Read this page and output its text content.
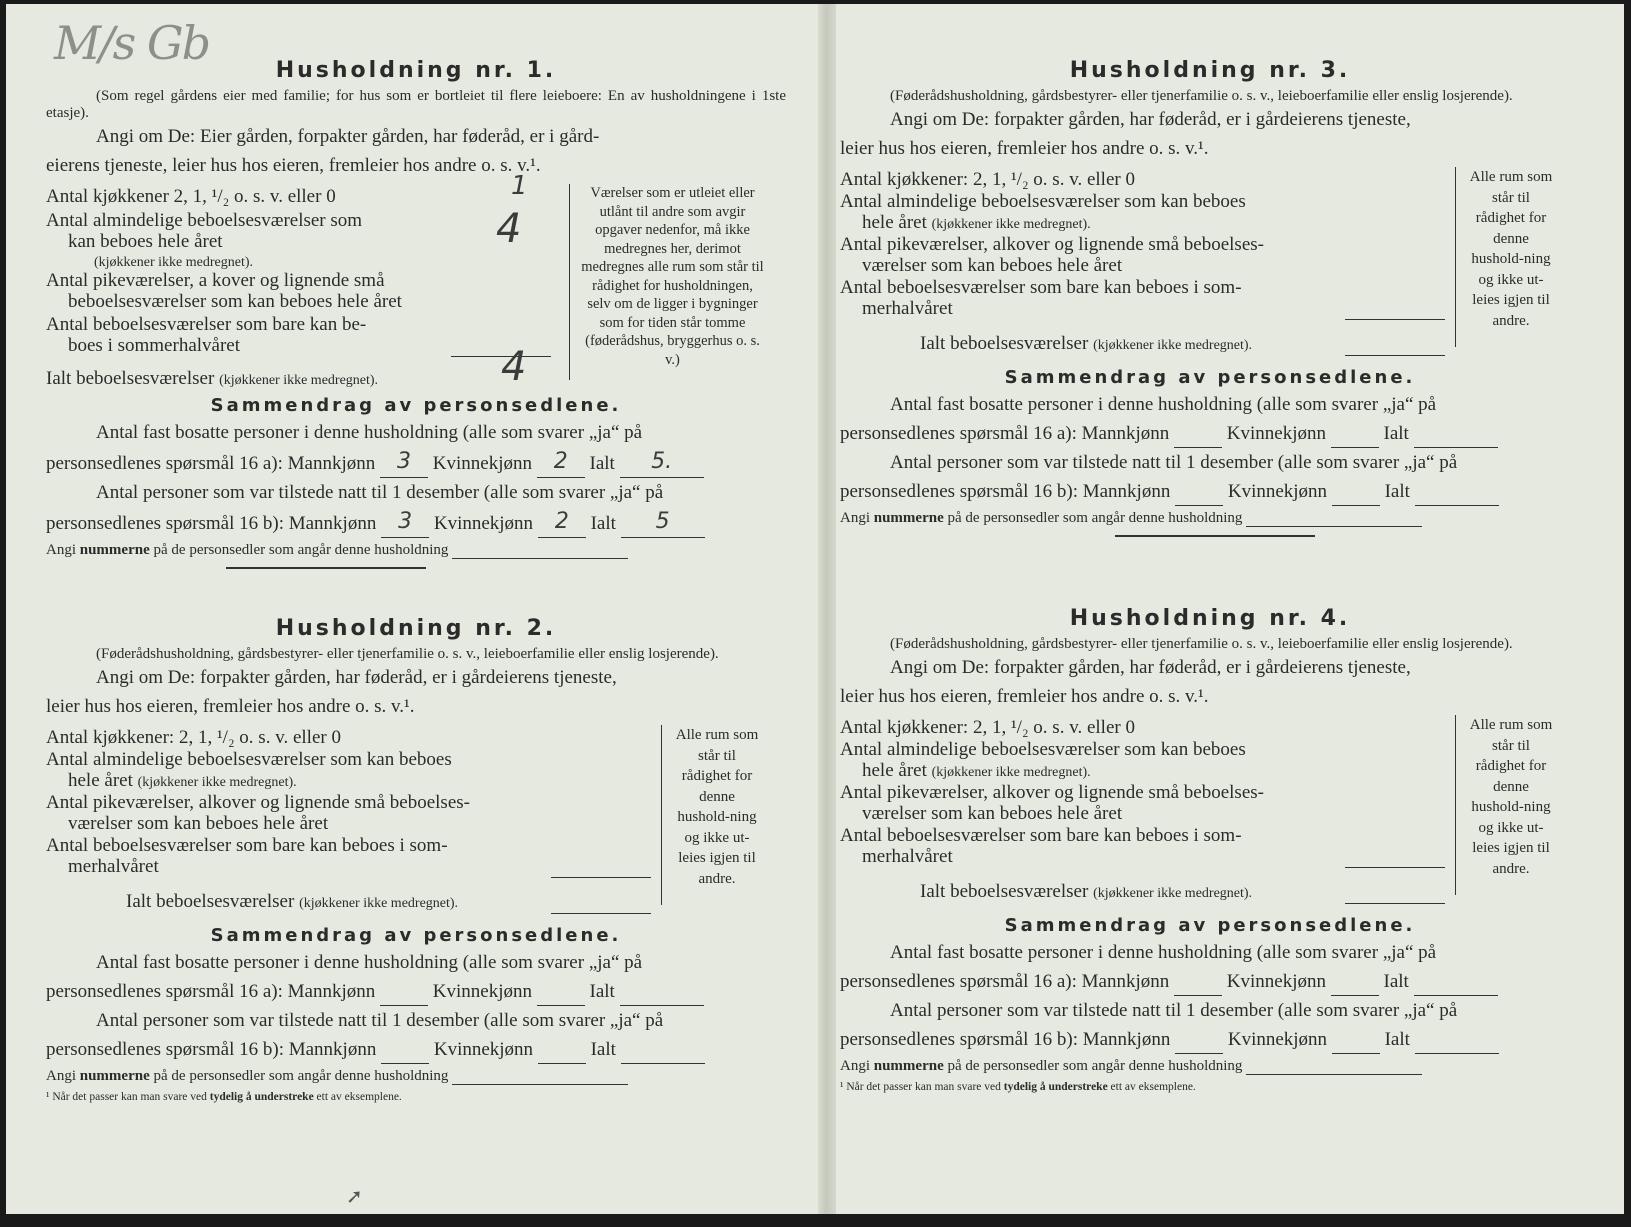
M/s Gb
Husholdning nr. 1.

(Som regel gårdens eier med familie; for hus som er bortleiet til flere leieboere: En av husholdningene i 1ste etasje).

Angi om De: Eier gården, forpakter gården, har føderåd, er i gård-

eierens tjeneste, leier hus hos eieren, fremleier hos andre o. s. v.¹.

Antal kjøkkener 2, 1, ¹/₂ o. s. v. eller 0	1
Antal almindelige beboelsesværelser som
kan beboes hele året	4
(kjøkkener ikke medregnet).
Antal pikeværelser, a kover og lignende små
beboelsesværelser som kan beboes hele året
Antal beboelsesværelser som bare kan be-
boes i sommerhalvåret
Ialt beboelsesværelser (kjøkkener ikke medregnet).	4
Værelser som er utleiet eller utlånt til andre som avgir opgaver nedenfor, må ikke medregnes her, derimot medregnes alle rum som står til rådighet for husholdningen, selv om de ligger i bygninger som for tiden står tomme (føderådshus, bryggerhus o. s. v.)
Sammendrag av personsedlene.

Antal fast bosatte personer i denne husholdning (alle som svarer „ja“ på

personsedlenes spørsmål 16 a): Mannkjønn 3 Kvinnekjønn 2 Ialt 5.

Antal personer som var tilstede natt til 1 desember (alle som svarer „ja“ på

personsedlenes spørsmål 16 b): Mannkjønn 3 Kvinnekjønn 2 Ialt 5
Angi nummerne på de personsedler som angår denne husholdning
Husholdning nr. 2.

(Føderådshusholdning, gårdsbestyrer- eller tjenerfamilie o. s. v., leieboerfamilie eller enslig losjerende).

Angi om De: forpakter gården, har føderåd, er i gårdeierens tjeneste,

leier hus hos eieren, fremleier hos andre o. s. v.¹.

Antal kjøkkener: 2, 1, ¹/₂ o. s. v. eller 0
Antal almindelige beboelsesværelser som kan beboes
hele året (kjøkkener ikke medregnet).
Antal pikeværelser, alkover og lignende små beboelses-
værelser som kan beboes hele året
Antal beboelsesværelser som bare kan beboes i som-
merhalvåret
Ialt beboelsesværelser (kjøkkener ikke medregnet).
Alle rum som står til rådighet for denne hushold-ning og ikke ut-leies igjen til andre.
Sammendrag av personsedlene.

Antal fast bosatte personer i denne husholdning (alle som svarer „ja“ på

personsedlenes spørsmål 16 a): Mannkjønn	Kvinnekjønn	Ialt

Antal personer som var tilstede natt til 1 desember (alle som svarer „ja“ på

personsedlenes spørsmål 16 b): Mannkjønn	Kvinnekjønn	Ialt
Angi nummerne på de personsedler som angår denne husholdning
¹ Når det passer kan man svare ved tydelig å understreke ett av eksemplene.
Husholdning nr. 3.

(Føderådshusholdning, gårdsbestyrer- eller tjenerfamilie o. s. v., leieboerfamilie eller enslig losjerende).

Angi om De: forpakter gården, har føderåd, er i gårdeierens tjeneste,

leier hus hos eieren, fremleier hos andre o. s. v.¹.

Antal kjøkkener: 2, 1, ¹/₂ o. s. v. eller 0
Antal almindelige beboelsesværelser som kan beboes
hele året (kjøkkener ikke medregnet).
Antal pikeværelser, alkover og lignende små beboelses-
værelser som kan beboes hele året
Antal beboelsesværelser som bare kan beboes i som-
merhalvåret
Ialt beboelsesværelser (kjøkkener ikke medregnet).
Alle rum som står til rådighet for denne hushold-ning og ikke ut-leies igjen til andre.
Sammendrag av personsedlene.

Antal fast bosatte personer i denne husholdning (alle som svarer „ja“ på

personsedlenes spørsmål 16 a): Mannkjønn	Kvinnekjønn	Ialt

Antal personer som var tilstede natt til 1 desember (alle som svarer „ja“ på

personsedlenes spørsmål 16 b): Mannkjønn	Kvinnekjønn	Ialt
Angi nummerne på de personsedler som angår denne husholdning
Husholdning nr. 4.

(Føderådshusholdning, gårdsbestyrer- eller tjenerfamilie o. s. v., leieboerfamilie eller enslig losjerende).

Angi om De: forpakter gården, har føderåd, er i gårdeierens tjeneste,

leier hus hos eieren, fremleier hos andre o. s. v.¹.

Antal kjøkkener: 2, 1, ¹/₂ o. s. v. eller 0
Antal almindelige beboelsesværelser som kan beboes
hele året (kjøkkener ikke medregnet).
Antal pikeværelser, alkover og lignende små beboelses-
værelser som kan beboes hele året
Antal beboelsesværelser som bare kan beboes i som-
merhalvåret
Ialt beboelsesværelser (kjøkkener ikke medregnet).
Alle rum som står til rådighet for denne hushold-ning og ikke ut-leies igjen til andre.
Sammendrag av personsedlene.

Antal fast bosatte personer i denne husholdning (alle som svarer „ja“ på

personsedlenes spørsmål 16 a): Mannkjønn	Kvinnekjønn	Ialt

Antal personer som var tilstede natt til 1 desember (alle som svarer „ja“ på

personsedlenes spørsmål 16 b): Mannkjønn	Kvinnekjønn	Ialt
Angi nummerne på de personsedler som angår denne husholdning
¹ Når det passer kan man svare ved tydelig å understreke ett av eksemplene.
➚
